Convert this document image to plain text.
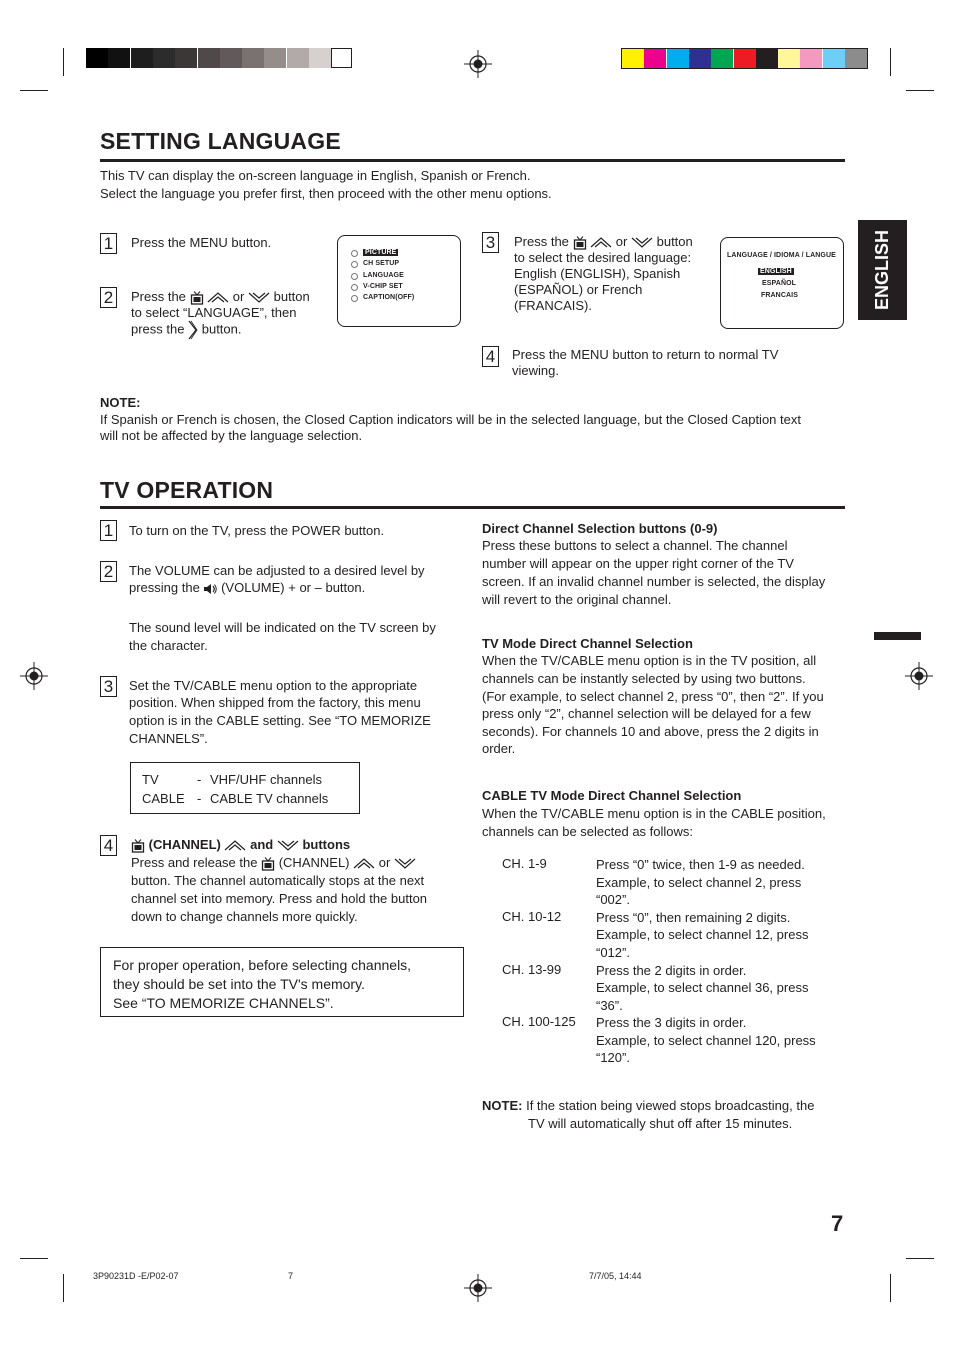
ENGLISH
SETTING LANGUAGE
This TV can display the on-screen language in English, Spanish or French.
Select the language you prefer first, then proceed with the other menu options.
1 Press the MENU button.
2 Press the	or button
to select “LANGUAGE”, then
press the button.
PICTURE
CH SETUP
LANGUAGE
V-CHIP SET
CAPTION(OFF)
3 Press the	or button
to select the desired language:
English (ENGLISH), Spanish
(ESPAÑOL) or French
(FRANCAIS).
LANGUAGE / IDIOMA / LANGUE
ENGLISH
ESPAÑOL
FRANCAIS
4 Press the MENU button to return to normal TV
viewing.
NOTE:
If Spanish or French is chosen, the Closed Caption indicators will be in the selected language, but the Closed Caption text
will not be affected by the language selection.
TV OPERATION
1 To turn on the TV, press the POWER button.
2 The VOLUME can be adjusted to a desired level by
pressing the (VOLUME) + or – button.
The sound level will be indicated on the TV screen by
the character.
3 Set the TV/CABLE menu option to the appropriate
position. When shipped from the factory, this menu
option is in the CABLE setting. See “TO MEMORIZE
CHANNELS”.
TV	- VHF/UHF channels
CABLE - CABLE TV channels
4	(CHANNEL) and buttons
Press and release the (CHANNEL) or
button. The channel automatically stops at the next
channel set into memory. Press and hold the button
down to change channels more quickly.
For proper operation, before selecting channels,
they should be set into the TV's memory.
See “TO MEMORIZE CHANNELS”.
Direct Channel Selection buttons (0-9)
Press these buttons to select a channel. The channel
number will appear on the upper right corner of the TV
screen. If an invalid channel number is selected, the display
will revert to the original channel.
TV Mode Direct Channel Selection
When the TV/CABLE menu option is in the TV position, all
channels can be instantly selected by using two buttons.
(For example, to select channel 2, press “0”, then “2”. If you
press only “2”, channel selection will be delayed for a few
seconds). For channels 10 and above, press the 2 digits in
order.
CABLE TV Mode Direct Channel Selection
When the TV/CABLE menu option is in the CABLE position,
channels can be selected as follows:
CH. 1-9	Press “0” twice, then 1-9 as needed.
Example, to select channel 2, press
“002”.
CH. 10-12	Press “0”, then remaining 2 digits.
Example, to select channel 12, press
“012”.
CH. 13-99	Press the 2 digits in order.
Example, to select channel 36, press
“36”.
CH. 100-125 Press the 3 digits in order.
Example, to select channel 120, press
“120”.
NOTE: If the station being viewed stops broadcasting, the
TV will automatically shut off after 15 minutes.
7
3P90231D -E/P02-07	7	7/7/05, 14:44
